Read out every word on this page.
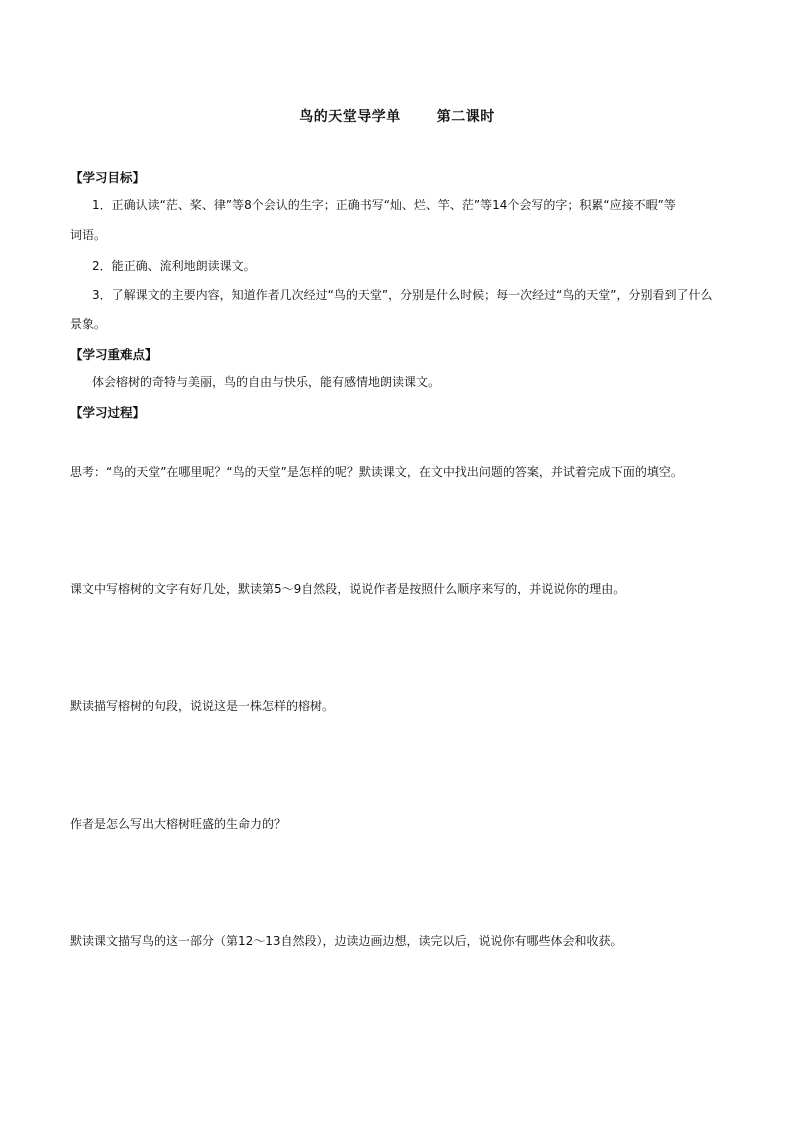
鸟的天堂导学单	第二课时
【学习目标】
1．正确认读“茫、桨、律”等8个会认的生字；正确书写“灿、烂、竿、茫”等14个会写的字；积累“应接不暇”等
词语。
2．能正确、流利地朗读课文。
3．了解课文的主要内容，知道作者几次经过“鸟的天堂”，分别是什么时候；每一次经过“鸟的天堂”，分别看到了什么
景象。
【学习重难点】
体会榕树的奇特与美丽，鸟的自由与快乐，能有感情地朗读课文。
【学习过程】
思考：“鸟的天堂”在哪里呢？“鸟的天堂”是怎样的呢？默读课文，在文中找出问题的答案，并试着完成下面的填空。
课文中写榕树的文字有好几处，默读第5～9自然段，说说作者是按照什么顺序来写的，并说说你的理由。
默读描写榕树的句段，说说这是一株怎样的榕树。
作者是怎么写出大榕树旺盛的生命力的？
默读课文描写鸟的这一部分（第12～13自然段），边读边画边想，读完以后，说说你有哪些体会和收获。
